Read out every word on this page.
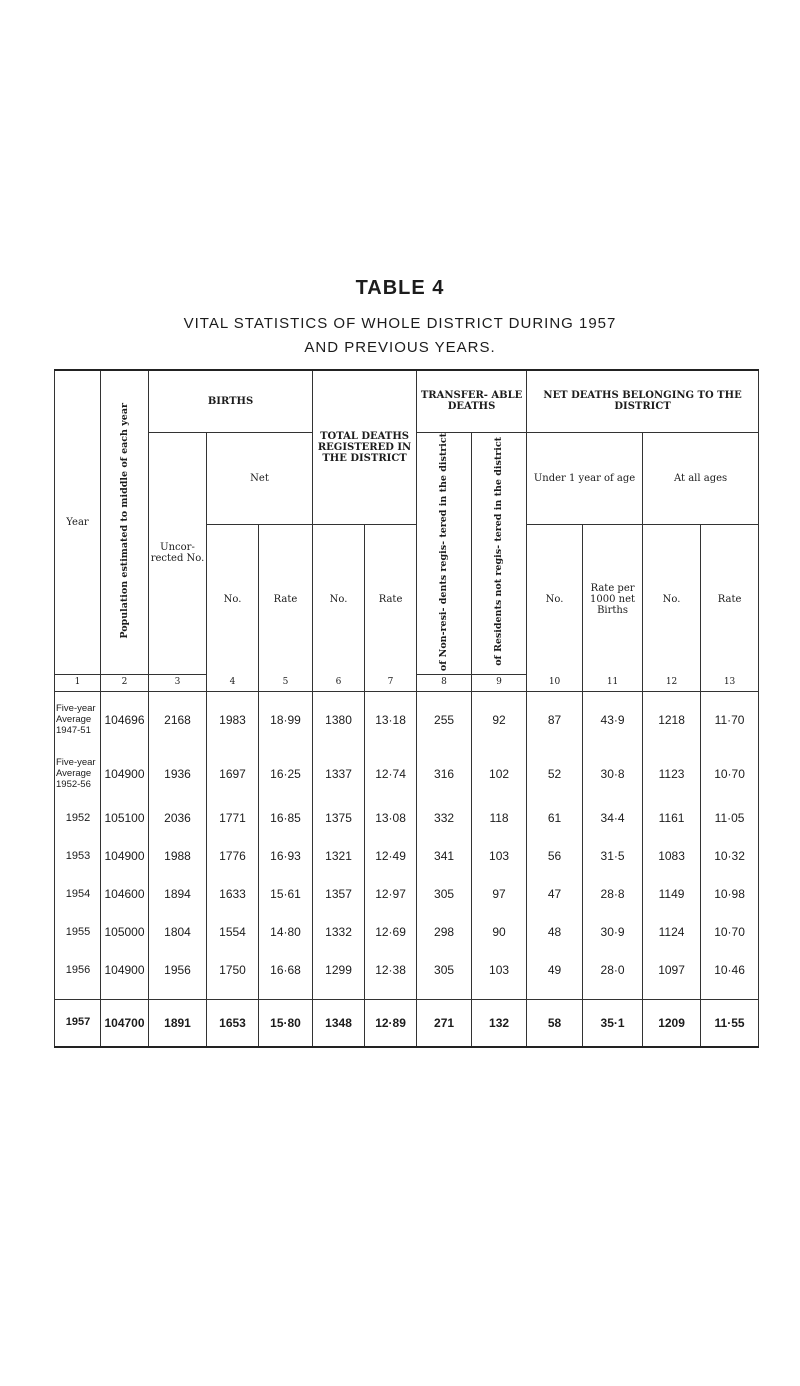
TABLE 4
VITAL STATISTICS OF WHOLE DISTRICT DURING 1957
AND PREVIOUS YEARS.
Year	Population estimated to middle of each year	BIRTHS			TOTAL DEATHS REGISTERED IN THE DISTRICT		TRANSFER- ABLE DEATHS		NET DEATHS BELONGING TO THE DISTRICT			
		Uncor- rected No.	Net				of Non-resi- dents regis- tered in the district	of Residents not regis- tered in the district	Under 1 year of age		At all ages	
			No.	Rate	No.	Rate			No.	Rate per 1000 net Births	No.	Rate
1	2	3	4	5	6	7	8	9	10	11	12	13
Five-year
Average
1947-51	104696	2168	1983	18·99	1380	13·18	255	92	87	43·9	1218	11·70
Five-year
Average
1952-56	104900	1936	1697	16·25	1337	12·74	316	102	52	30·8	1123	10·70
1952	105100	2036	1771	16·85	1375	13·08	332	118	61	34·4	1161	11·05
1953	104900	1988	1776	16·93	1321	12·49	341	103	56	31·5	1083	10·32
1954	104600	1894	1633	15·61	1357	12·97	305	97	47	28·8	1149	10·98
1955	105000	1804	1554	14·80	1332	12·69	298	90	48	30·9	1124	10·70
1956	104900	1956	1750	16·68	1299	12·38	305	103	49	28·0	1097	10·46

1957	104700	1891	1653	15·80	1348	12·89	271	132	58	35·1	1209	11·55
